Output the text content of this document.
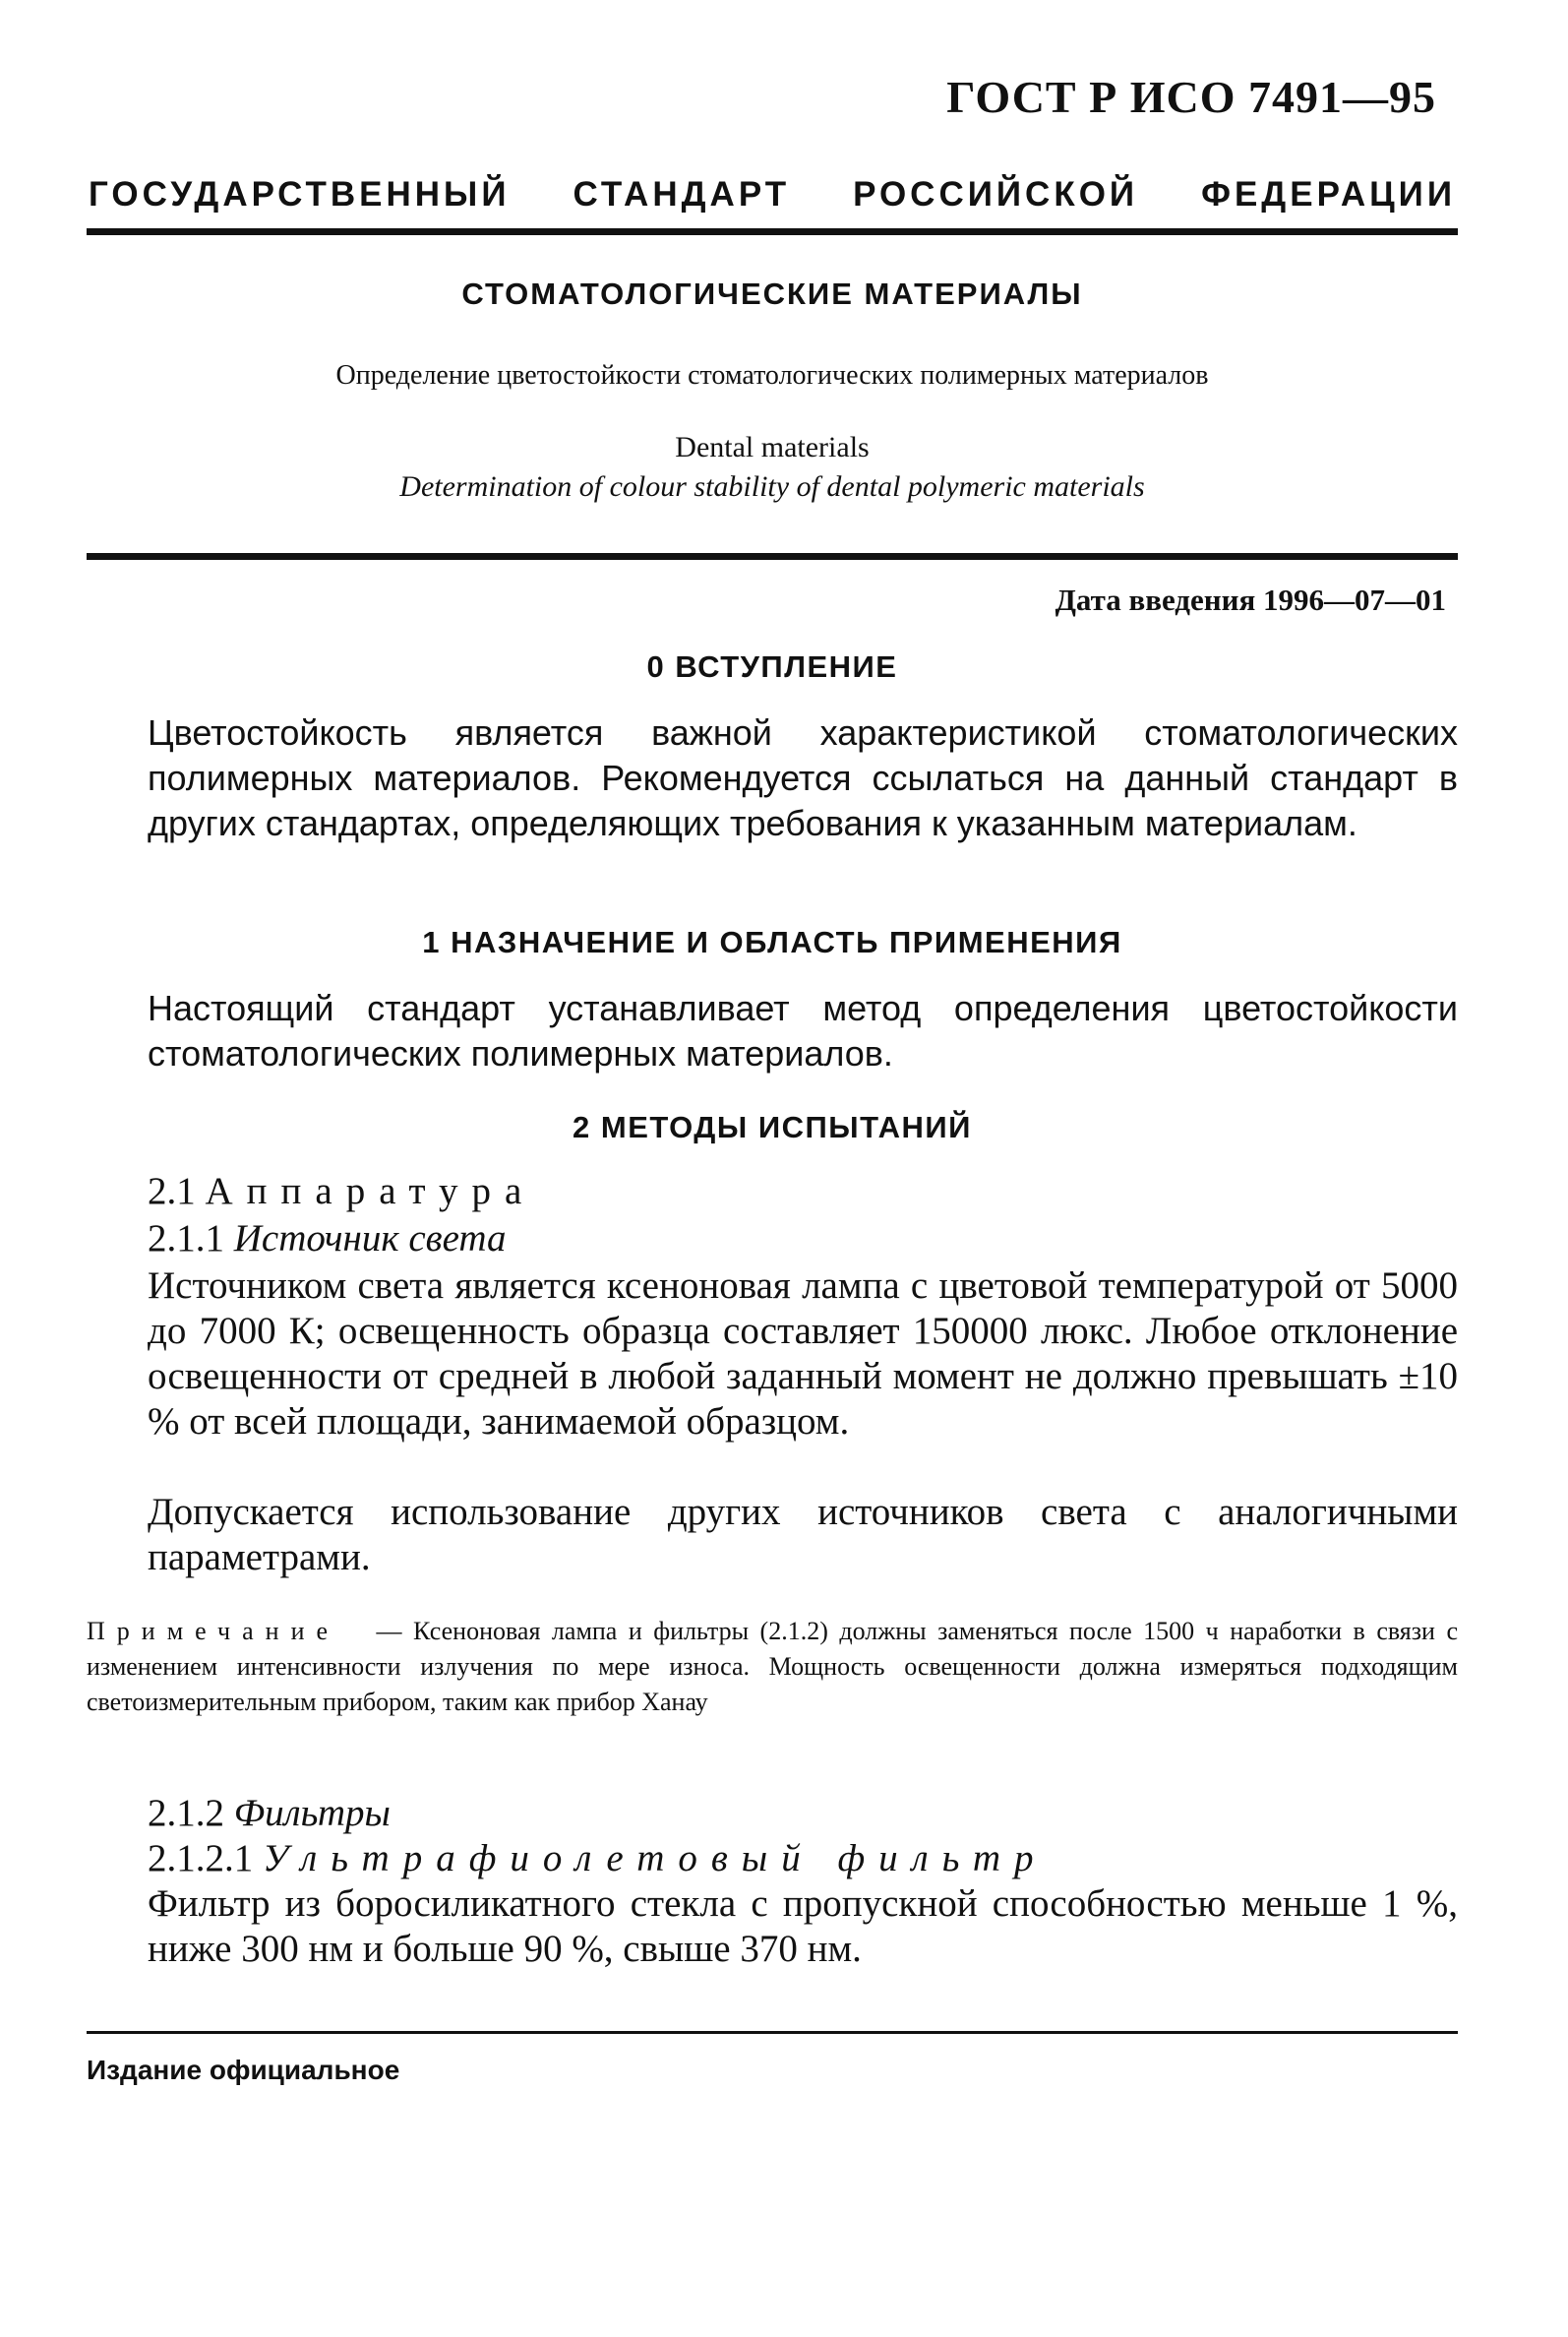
ГОСТ Р ИСО 7491—95
ГОСУДАРСТВЕННЫЙ СТАНДАРТ РОССИЙСКОЙ ФЕДЕРАЦИИ
СТОМАТОЛОГИЧЕСКИЕ МАТЕРИАЛЫ
Определение цветостойкости стоматологических полимерных материалов
Dental materials
Determination of colour stability of dental polymeric materials
Дата введения 1996—07—01
0 ВСТУПЛЕНИЕ
Цветостойкость является важной характеристикой стоматологических полимерных материалов. Рекомендуется ссылаться на данный стандарт в других стандартах, определяющих требования к указанным материалам.
1 НАЗНАЧЕНИЕ И ОБЛАСТЬ ПРИМЕНЕНИЯ
Настоящий стандарт устанавливает метод определения цветостойкости стоматологических полимерных материалов.
2 МЕТОДЫ ИСПЫТАНИЙ
2.1 Аппаратура
2.1.1 Источник света
Источником света является ксеноновая лампа с цветовой температурой от 5000 до 7000 К; освещенность образца составляет 150000 люкс. Любое отклонение освещенности от средней в любой заданный момент не должно превышать ±10 % от всей площади, занимаемой образцом.
Допускается использование других источников света с аналогичными параметрами.
Примечание — Ксеноновая лампа и фильтры (2.1.2) должны заменяться после 1500 ч наработки в связи с изменением интенсивности излучения по мере износа. Мощность освещенности должна измеряться подходящим светоизмерительным прибором, таким как прибор Ханау
2.1.2 Фильтры
2.1.2.1 Ультрафиолетовый фильтр
Фильтр из боросиликатного стекла с пропускной способностью меньше 1 %, ниже 300 нм и больше 90 %, свыше 370 нм.
Издание официальное
